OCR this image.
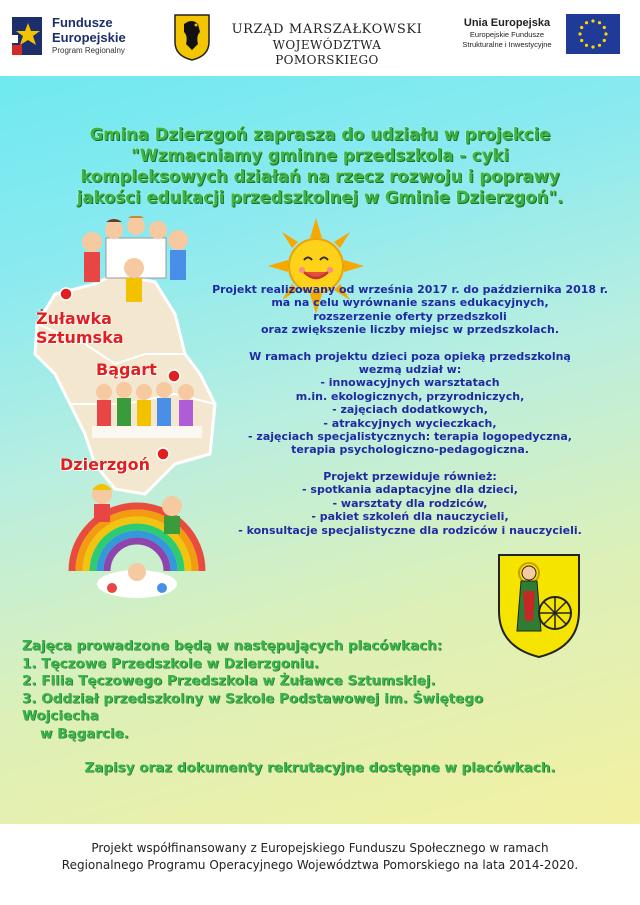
Fundusze
Europejskie
Program Regionalny
URZĄD MARSZAŁKOWSKI
WOJEWÓDZTWA POMORSKIEGO
Unia Europejska
Europejskie Fundusze
Strukturalne i Inwestycyjne
Gmina Dzierzgoń zaprasza do udziału w projekcie
"Wzmacniamy gminne przedszkola - cyki
kompleksowych działań na rzecz rozwoju i poprawy
jakości edukacji przedszkolnej w Gminie Dzierzgoń".
Żuławka
Sztumska
Bągart
Dzierzgoń

Projekt realizowany od września 2017 r. do października 2018 r.

ma na celu wyrównanie szans edukacyjnych,

rozszerzenie oferty przedszkoli

oraz zwiększenie liczby miejsc w przedszkolach.

W ramach projektu dzieci poza opieką przedszkolną

wezmą udział w:

- innowacyjnych warsztatach

m.in. ekologicznych, przyrodniczych,

- zajęciach dodatkowych,

- atrakcyjnych wycieczkach,

- zajęciach specjalistycznych: terapia logopedyczna,

terapia psychologiczno-pedagogiczna.

Projekt przewiduje również:

- spotkania adaptacyjne dla dzieci,

- warsztaty dla rodziców,

- pakiet szkoleń dla nauczycieli,

- konsultacje specjalistyczne dla rodziców i nauczycieli.

Zajęca prowadzone będą w następujących placówkach:

1. Tęczowe Przedszkole w Dzierzgoniu.

2. Filia Tęczowego Przedszkola w Żuławce Sztumskiej.

3. Oddział przedszkolny w Szkole Podstawowej im. Świętego Wojciecha

w Bągarcie.

Zapisy oraz dokumenty rekrutacyjne dostępne w placówkach.
Projekt współfinansowany z Europejskiego Funduszu Społecznego w ramach
Regionalnego Programu Operacyjnego Województwa Pomorskiego na lata 2014-2020.
